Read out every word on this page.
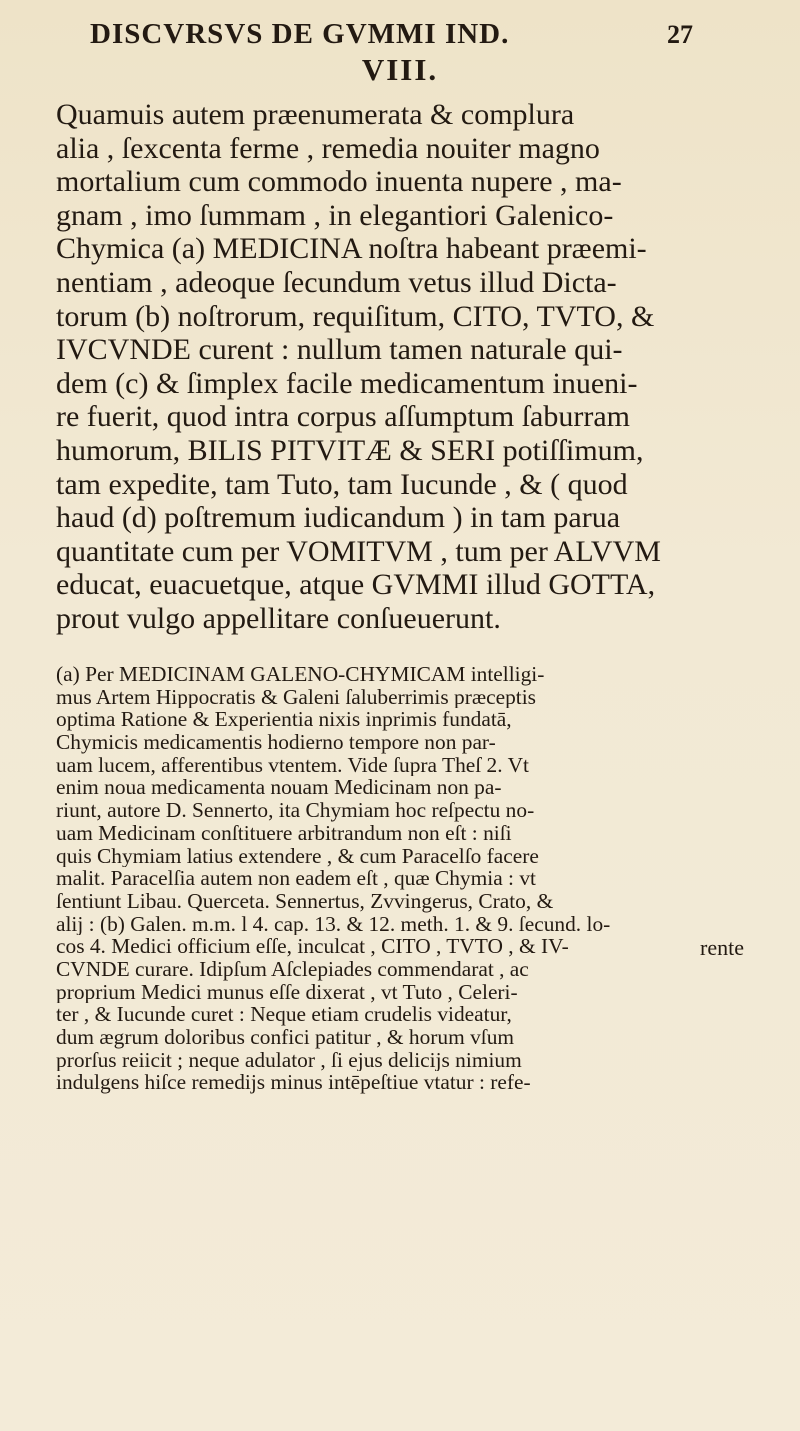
DISCVRSVS DE GVMMI IND.	27
VIII.
Quamuis autem præenumerata & complura
alia , ſexcenta ferme , remedia nouiter magno
mortalium cum commodo inuenta nupere , ma-
gnam , imo ſummam , in elegantiori Galenico-
Chymica (a) MEDICINA noſtra habeant præemi-
nentiam , adeoque ſecundum vetus illud Dicta-
torum (b) noſtrorum, requiſitum, CITO, TVTO, &
IVCVNDE curent : nullum tamen naturale qui-
dem (c) & ſimplex facile medicamentum inueni-
re fuerit, quod intra corpus aſſumptum ſaburram
humorum, BILIS PITVITÆ & SERI potiſſimum,
tam expedite, tam Tuto, tam Iucunde , & ( quod
haud (d) poſtremum iudicandum ) in tam parua
quantitate cum per VOMITVM , tum per ALVVM
educat, euacuetque, atque GVMMI illud GOTTA,
prout vulgo appellitare conſueuerunt.
(a) Per MEDICINAM GALENO-CHYMICAM intelligi-
mus Artem Hippocratis & Galeni ſaluberrimis præceptis
optima Ratione & Experientia nixis inprimis fundatā,
Chymicis medicamentis hodierno tempore non par-
uam lucem, afferentibus vtentem. Vide ſupra Theſ 2. Vt
enim noua medicamenta nouam Medicinam non pa-
riunt, autore D. Sennerto, ita Chymiam hoc reſpectu no-
uam Medicinam conſtituere arbitrandum non eſt : niſi
quis Chymiam latius extendere , & cum Paracelſo facere
malit. Paracelſia autem non eadem eſt , quæ Chymia : vt
ſentiunt Libau. Querceta. Sennertus, Zvvingerus, Crato, &
alij : (b) Galen. m.m. l 4. cap. 13. & 12. meth. 1. & 9. ſecund. lo-
cos 4. Medici officium eſſe, inculcat , CITO , TVTO , & IV-
CVNDE curare. Idipſum Aſclepiades commendarat , ac
proprium Medici munus eſſe dixerat , vt Tuto , Celeri-
ter , & Iucunde curet : Neque etiam crudelis videatur,
dum ægrum doloribus confici patitur , & horum vſum
prorſus reiicit ; neque adulator , ſi ejus delicijs nimium
indulgens hiſce remedijs minus intēpeſtiue vtatur : refe-
rente
